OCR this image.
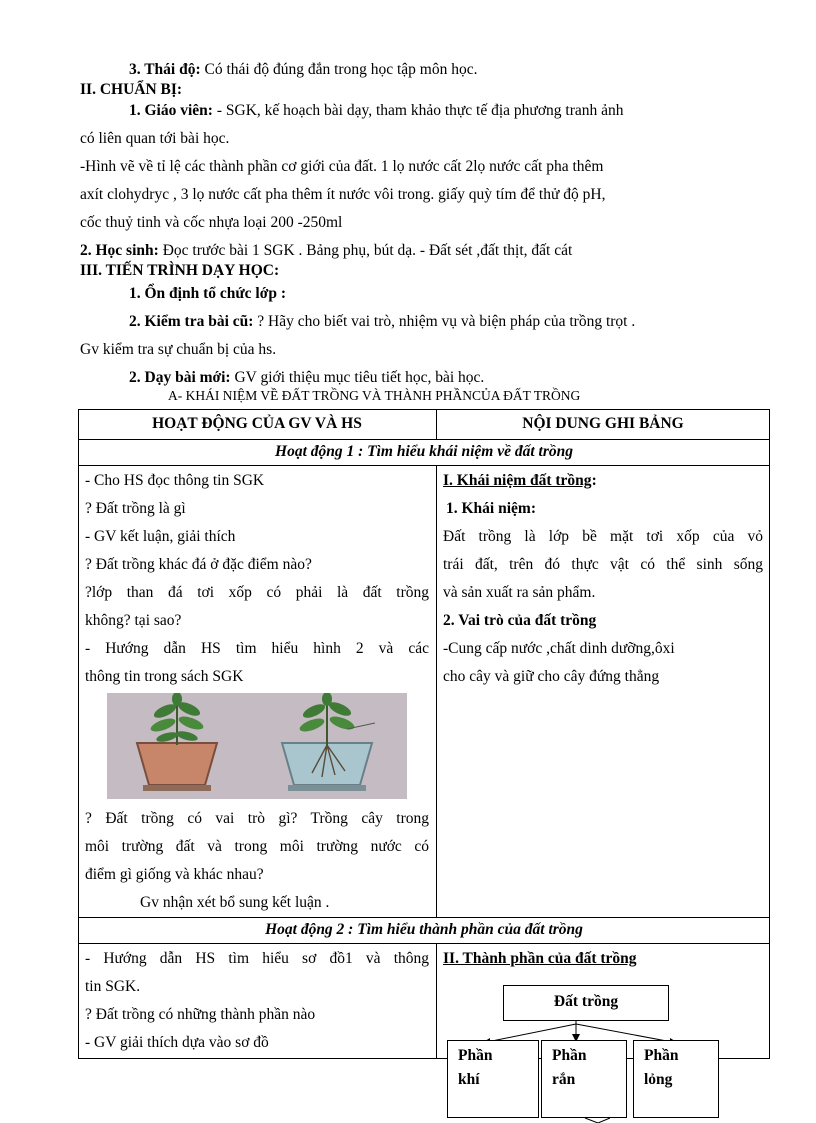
3. Thái độ: Có thái độ đúng đắn trong học tập môn học.
II. CHUẨN BỊ:
1. Giáo viên: - SGK, kế hoạch bài dạy, tham khảo thực tế địa phương tranh ảnh
có liên quan tới bài học.
-Hình vẽ về tỉ lệ các thành phần cơ giới của đất. 1 lọ nước cất 2lọ nước cất pha thêm
axít clohydryc , 3 lọ nước cất pha thêm ít nước vôi trong. giấy quỳ tím để thử độ pH,
cốc thuỷ tinh và cốc nhựa loại 200 -250ml
2. Học sinh: Đọc trước bài 1 SGK . Bảng phụ, bút dạ. - Đất sét ,đất thịt, đất cát
III. TIẾN TRÌNH DẠY HỌC:
1. Ổn định tổ chức lớp :
2. Kiểm tra bài cũ: ? Hãy cho biết vai trò, nhiệm vụ và biện pháp của trồng trọt .
Gv kiểm tra sự chuẩn bị của hs.
2. Dạy bài mới: GV giới thiệu mục tiêu tiết học, bài học.
A- KHÁI NIỆM VỀ ĐẤT TRỒNG VÀ THÀNH PHẦNCỦA ĐẤT TRỒNG
HOẠT ĐỘNG CỦA GV VÀ HS	NỘI DUNG GHI BẢNG
Hoạt động 1 : Tìm hiểu khái niệm về đất trồng
- Cho HS đọc thông tin SGK
? Đất trồng là gì
- GV kết luận, giải thích
? Đất trồng khác đá ở đặc điểm nào?
?lớp than đá tơi xốp có phải là đất trồng
không? tại sao?
- Hướng dẫn HS tìm hiểu hình 2 và các
thông tin trong sách SGK
? Đất trồng có vai trò gì? Trồng cây trong
môi trường đất và trong môi trường nước có
điểm gì giống và khác nhau?
Gv nhận xét bổ sung kết luận .
I. Khái niệm đất trồng:
1. Khái niệm:
Đất trồng là lớp bề mặt tơi xốp của vỏ
trái đất, trên đó thực vật có thể sinh sống
và sản xuất ra sản phẩm.
2. Vai trò của đất trồng
-Cung cấp nước ,chất dinh dưỡng,ôxi
cho cây và giữ cho cây đứng thẳng
Hoạt động 2 : Tìm hiểu thành phần của đất trồng
- Hướng dẫn HS tìm hiểu sơ đồ1 và thông
tin SGK.
? Đất trồng có những thành phần nào
- GV giải thích dựa vào sơ đồ
II. Thành phần của đất trồng
Đất trồng
Phần
khí
Phần
rắn
Phần
lỏng
